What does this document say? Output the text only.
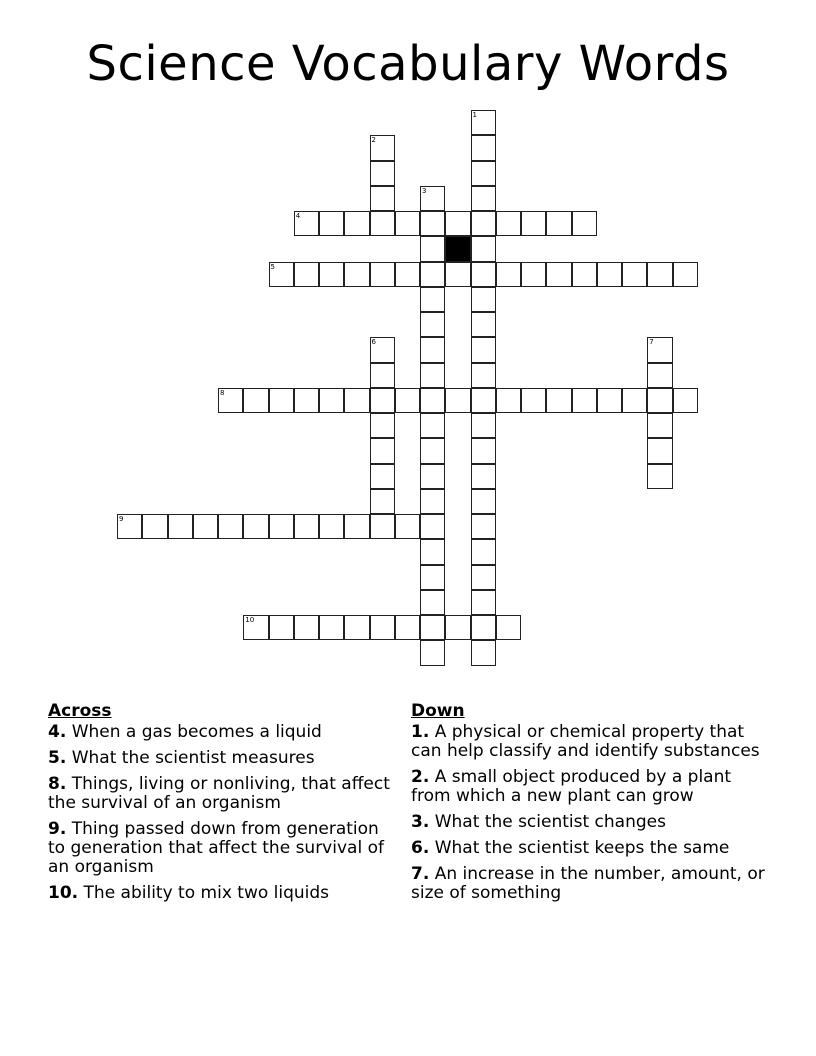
Science Vocabulary Words
1
2
3
4
5
6	7
8
9
10
Across
4. When a gas becomes a liquid
5. What the scientist measures
8. Things, living or nonliving, that affect the survival of an organism
9. Thing passed down from generation to generation that affect the survival of an organism
10. The ability to mix two liquids
Down
1. A physical or chemical property that can help classify and identify substances
2. A small object produced by a plant from which a new plant can grow
3. What the scientist changes
6. What the scientist keeps the same
7. An increase in the number, amount, or size of something
